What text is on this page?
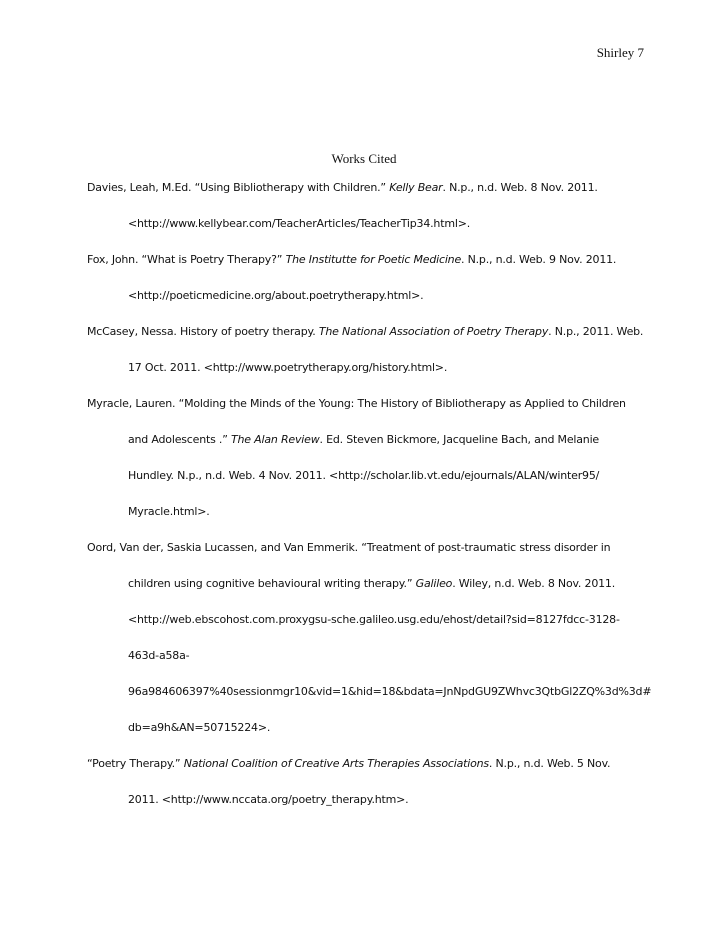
Shirley 7
Works Cited
Davies, Leah, M.Ed. “Using Bibliotherapy with Children.” Kelly Bear. N.p., n.d. Web. 8 Nov. 2011.
<http://www.kellybear.com/TeacherArticles/TeacherTip34.html>.
Fox, John. “What is Poetry Therapy?” The Institutte for Poetic Medicine. N.p., n.d. Web. 9 Nov. 2011.
<http://poeticmedicine.org/about.poetrytherapy.html>.
McCasey, Nessa. History of poetry therapy. The National Association of Poetry Therapy. N.p., 2011. Web.
17 Oct. 2011. <http://www.poetrytherapy.org/history.html>.
Myracle, Lauren. “Molding the Minds of the Young: The History of Bibliotherapy as Applied to Children
and Adolescents .” The Alan Review. Ed. Steven Bickmore, Jacqueline Bach, and Melanie
Hundley. N.p., n.d. Web. 4 Nov. 2011. <http://scholar.lib.vt.edu/ejournals/ALAN/winter95/
Myracle.html>.
Oord, Van der, Saskia Lucassen, and Van Emmerik. “Treatment of post-traumatic stress disorder in
children using cognitive behavioural writing therapy.” Galileo. Wiley, n.d. Web. 8 Nov. 2011.
<http://web.ebscohost.com.proxygsu-sche.galileo.usg.edu/ehost/detail?sid=8127fdcc-3128-
463d-a58a-
96a984606397%40sessionmgr10&vid=1&hid=18&bdata=JnNpdGU9ZWhvc3QtbGl2ZQ%3d%3d#
db=a9h&AN=50715224>.
“Poetry Therapy.” National Coalition of Creative Arts Therapies Associations. N.p., n.d. Web. 5 Nov.
2011. <http://www.nccata.org/poetry_therapy.htm>.
